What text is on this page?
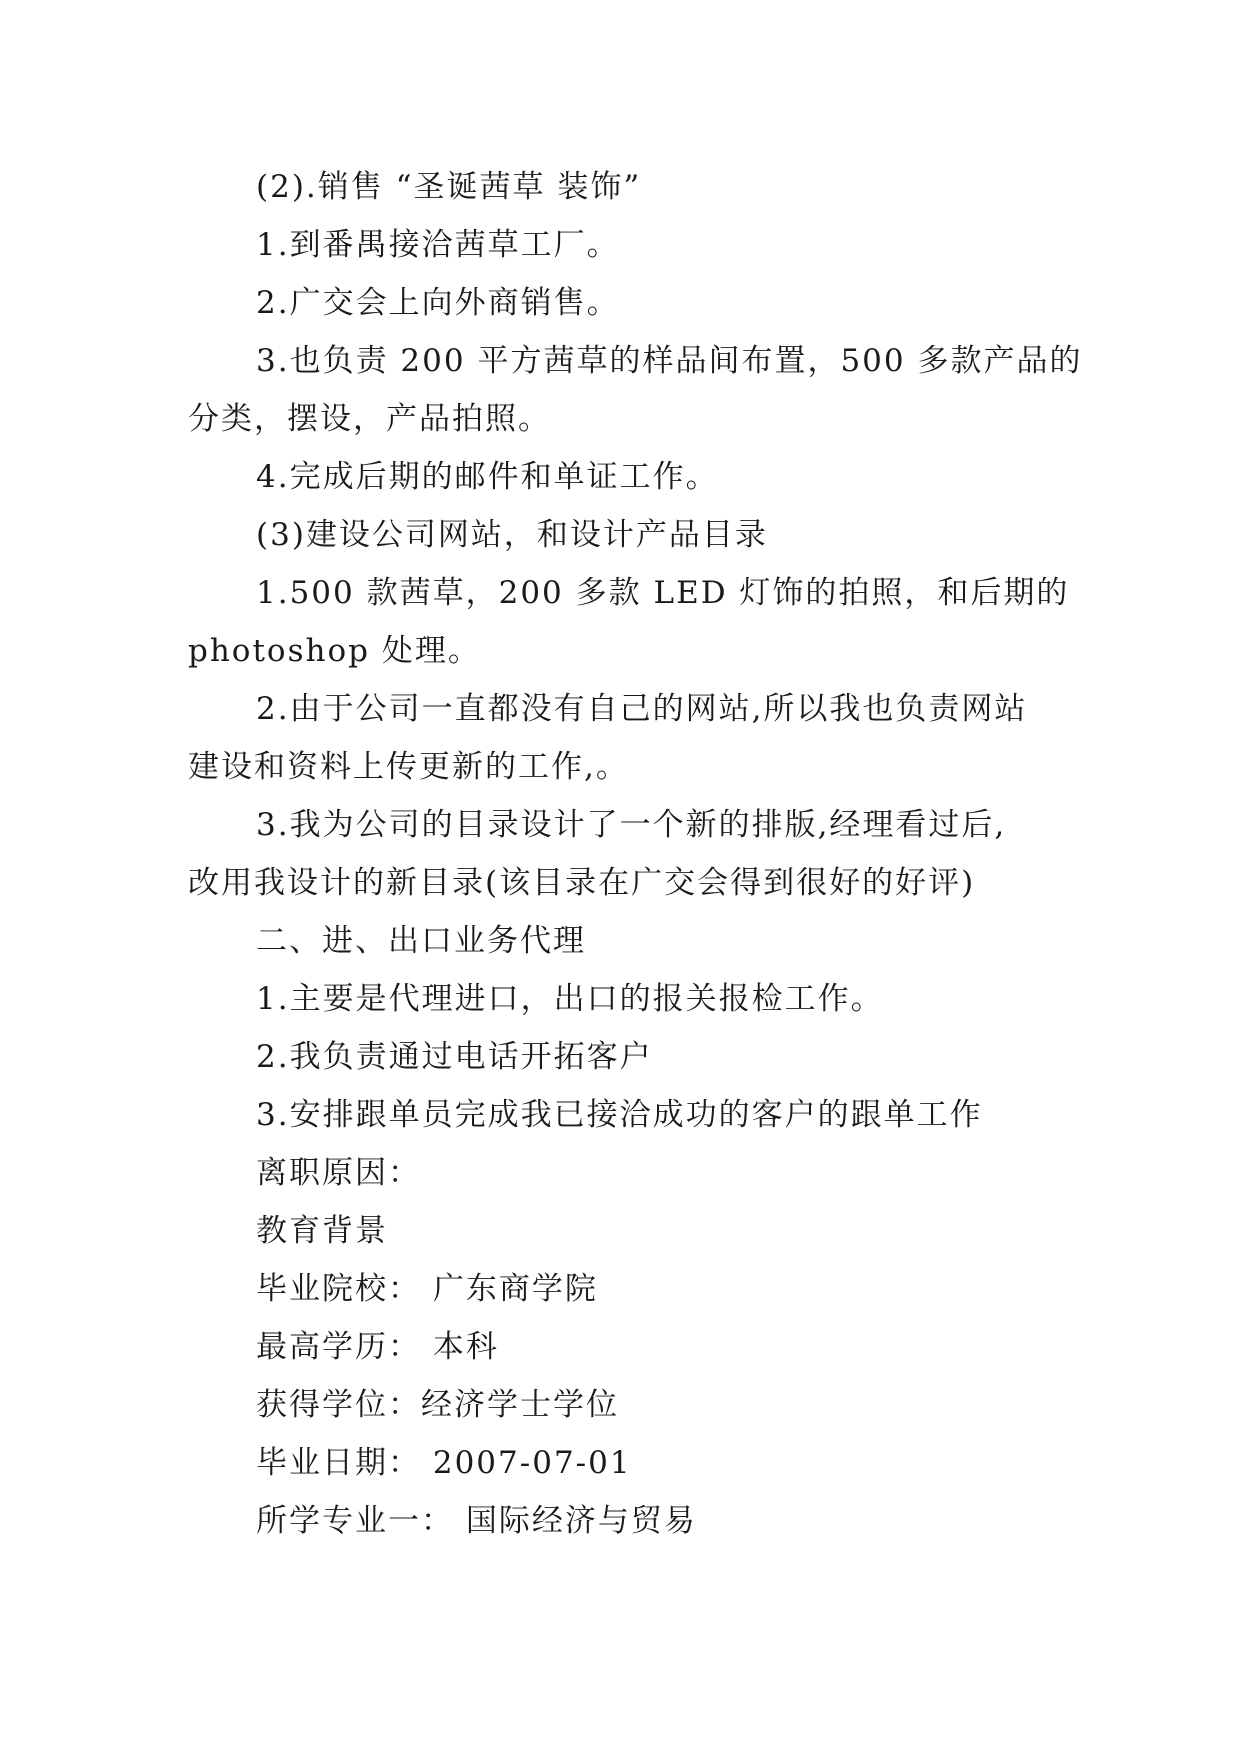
(2).销售 “圣诞茜草 装饰”
1.到番禺接洽茜草工厂。
2.广交会上向外商销售。
3.也负责 200 平方茜草的样品间布置，500 多款产品的
分类，摆设，产品拍照。
4.完成后期的邮件和单证工作。
(3)建设公司网站，和设计产品目录
1.500 款茜草，200 多款 LED 灯饰的拍照，和后期的
photoshop 处理。
2.由于公司一直都没有自己的网站,所以我也负责网站
建设和资料上传更新的工作,。
3.我为公司的目录设计了一个新的排版,经理看过后,
改用我设计的新目录(该目录在广交会得到很好的好评)
二、进、出口业务代理
1.主要是代理进口，出口的报关报检工作。
2.我负责通过电话开拓客户
3.安排跟单员完成我已接洽成功的客户的跟单工作
离职原因：
教育背景
毕业院校： 广东商学院
最高学历： 本科
获得学位：经济学士学位
毕业日期： 2007-07-01
所学专业一： 国际经济与贸易
